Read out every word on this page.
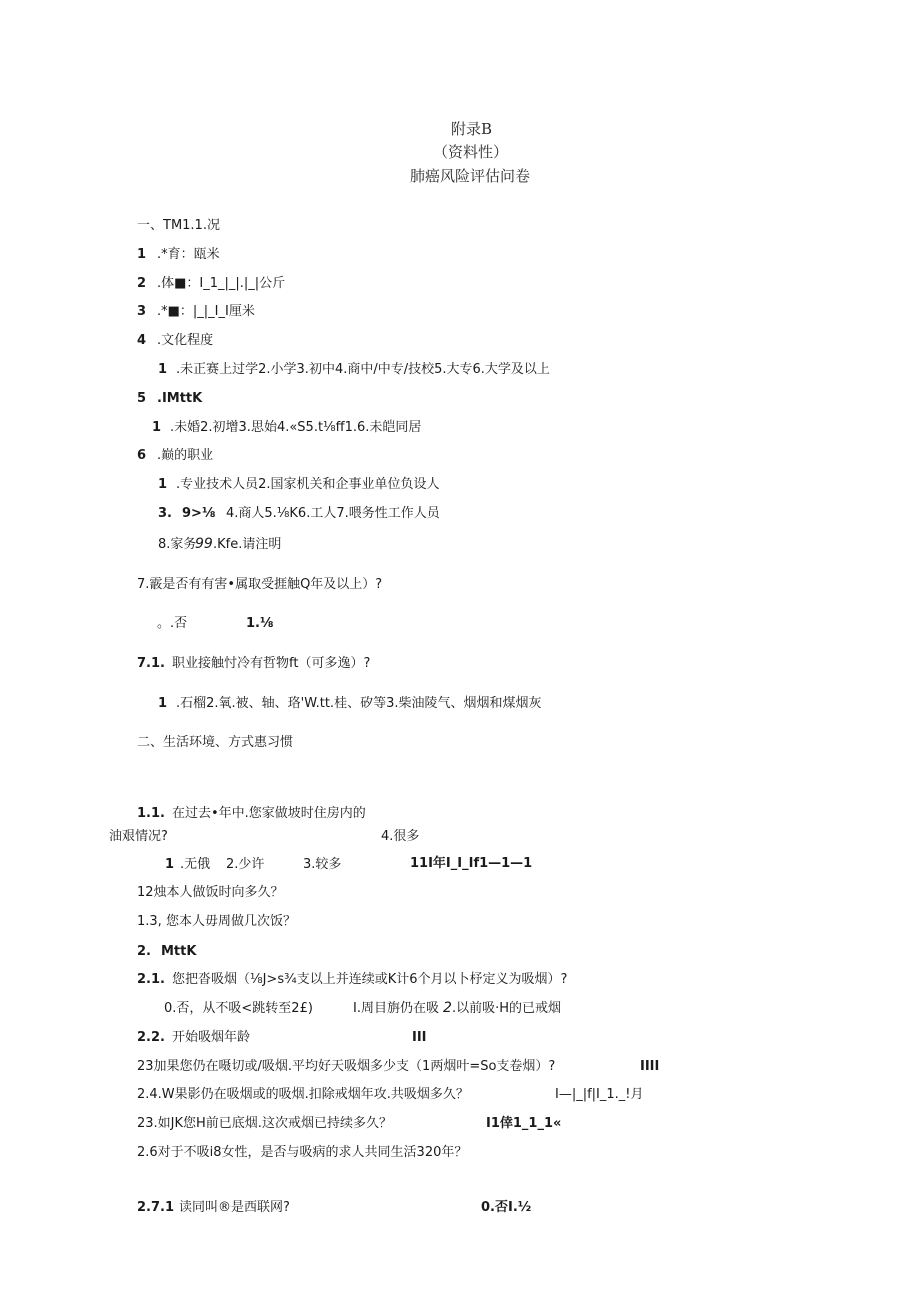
附录B
（资料性）
肺癌风险评估问卷
一、TM1.1.况
1 .*育：瓯米
2 .体■：I_1_|_|.|_|公斤
3 .*■：|_|_I_I厘米
4 .文化程度
1 .未正赛上过学2.小学3.初中4.商中/中专/技校5.大专6.大学及以上
5 .IMttK
1 .未婚2.初增3.思始4.«S5.t⅛ff1.6.未皑同居
6 .巅的职业
1 .专业技术人员2.国家机关和企事业单位负设人
3. 9>⅛ 4.商人5.⅛K6.工人7.喂务性工作人员
8.家务
99 .Kfe.请注明
7.霰是否有有害•属取受捱触Q年及以上）?
。.否	1.⅛
7.1. 职业接触忖冷有哲物ft（可多逸）?
1 .石榴2.氧.被、轴、珞'W.tt.桂、矽等3.柴油陵气、烟烟和煤烟灰
二、生活环境、方式惠习惯
1.1. 在过去•年中.您家做坡时住房内的
油艰情况?	4.很多
1 .无俄 2.少许	3.较多	11I年I_I_If1—1—1
12烛本人做饭时向多久？
1.3, 您本人毋周做几次饭？
2. MttK
2.1. 您把沓吸烟（⅛J>s¾支以上并连续或K计6个月以卜杼定义为吸烟）?
0.否，从不吸<跳转至2£)	I.周目旃仍在吸 2 .以前吸·H的已戒烟
2.2. 开始吸烟年龄	III
23加果您仍在嗫切或/吸烟.平均好天吸烟多少支（1两烟叶=So支卷烟）?	IIII
2.4.W果影仍在吸烟或的吸烟.扣除戒烟年攻.共吸烟多久？	I—|_|f|I_1._!月
23.如JK您H前已底烟.这次戒烟已持续多久？	I1倖1_1_1«
2.6对于不吸i8女性，是否与吸病的求人共同生活320年？
2.7.1 读同叫®是西联网?	0.否I.½
